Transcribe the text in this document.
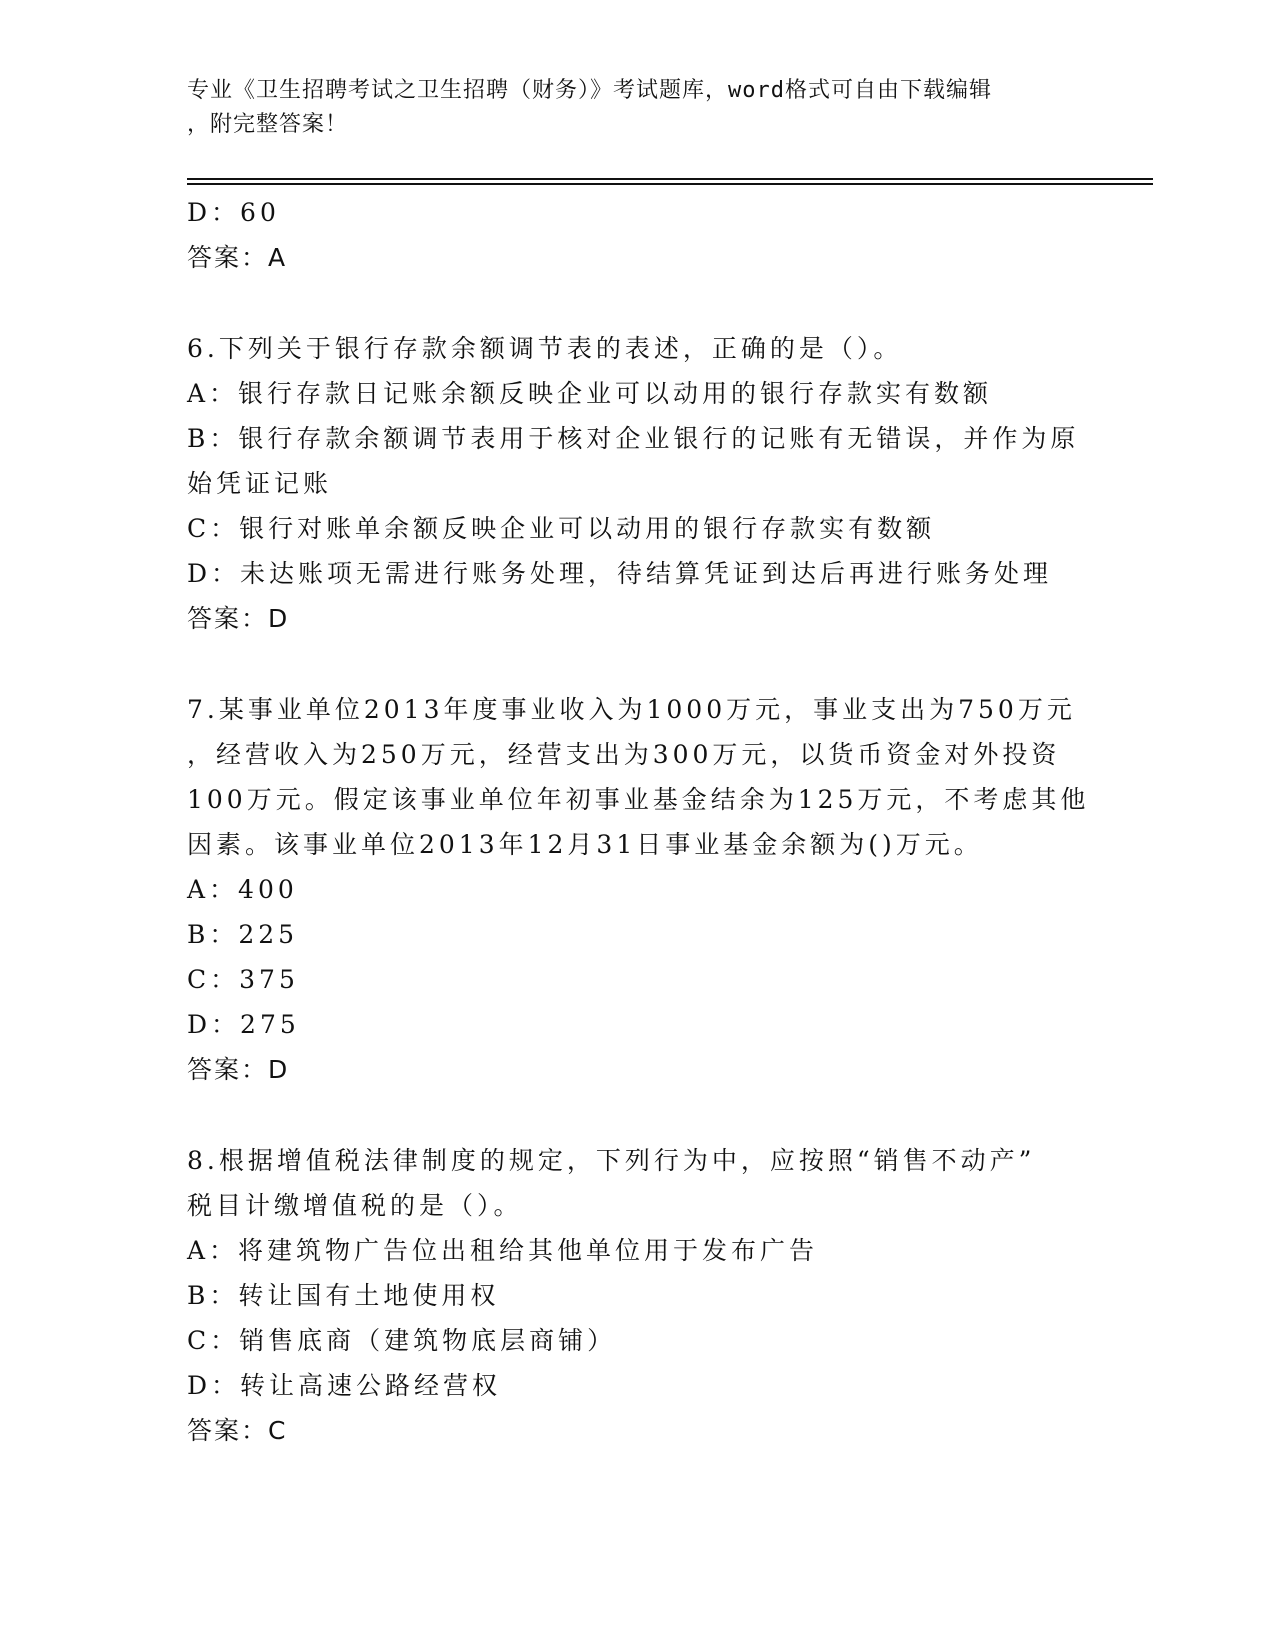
专业《卫生招聘考试之卫生招聘（财务）》考试题库，word格式可自由下载编辑
，附完整答案！
D：60
答案：A
6.下列关于银行存款余额调节表的表述，正确的是（）。
A：银行存款日记账余额反映企业可以动用的银行存款实有数额
B：银行存款余额调节表用于核对企业银行的记账有无错误，并作为原
始凭证记账
C：银行对账单余额反映企业可以动用的银行存款实有数额
D：未达账项无需进行账务处理，待结算凭证到达后再进行账务处理
答案：D
7.某事业单位2013年度事业收入为1000万元，事业支出为750万元
，经营收入为250万元，经营支出为300万元，以货币资金对外投资
100万元。假定该事业单位年初事业基金结余为125万元，不考虑其他
因素。该事业单位2013年12月31日事业基金余额为()万元。
A：400
B：225
C：375
D：275
答案：D
8.根据增值税法律制度的规定，下列行为中，应按照“销售不动产”
税目计缴增值税的是（）。
A：将建筑物广告位出租给其他单位用于发布广告
B：转让国有土地使用权
C：销售底商（建筑物底层商铺）
D：转让高速公路经营权
答案：C
